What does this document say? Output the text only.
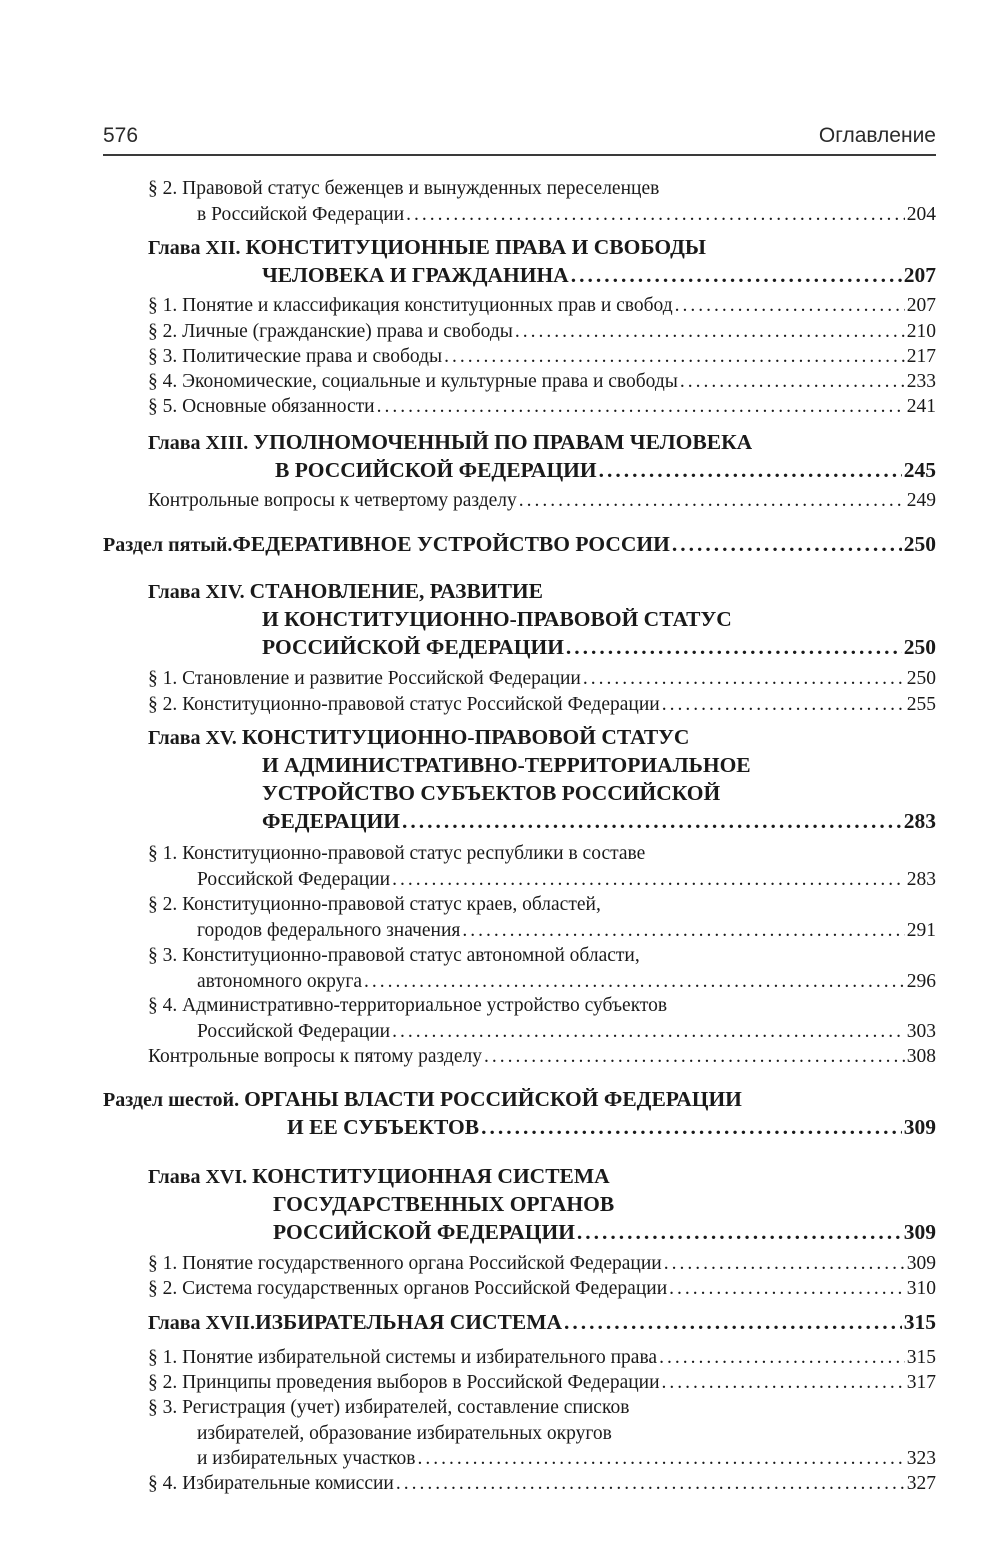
576	Оглавление
§ 2. Правовой статус беженцев и вынужденных переселенцев
в Российской Федерации .....	204
Глава XII. КОНСТИТУЦИОННЫЕ ПРАВА И СВОБОДЫ
ЧЕЛОВЕКА И ГРАЖДАНИНА .....	207
§ 1. Понятие и классификация конституционных прав и свобод .....	207
§ 2. Личные (гражданские) права и свободы .....	210
§ 3. Политические права и свободы .....	217
§ 4. Экономические, социальные и культурные права и свободы .....	233
§ 5. Основные обязанности .....	241
Глава XIII. УПОЛНОМОЧЕННЫЙ ПО ПРАВАМ ЧЕЛОВЕКА
В РОССИЙСКОЙ ФЕДЕРАЦИИ .....	245
Контрольные вопросы к четвертому разделу .....	249
Раздел пятый. ФЕДЕРАТИВНОЕ УСТРОЙСТВО РОССИИ .....	250
Глава XIV. СТАНОВЛЕНИЕ, РАЗВИТИЕ
И КОНСТИТУЦИОННО-ПРАВОВОЙ СТАТУС
РОССИЙСКОЙ ФЕДЕРАЦИИ .....	250
§ 1. Становление и развитие Российской Федерации .....	250
§ 2. Конституционно-правовой статус Российской Федерации .....	255
Глава XV. КОНСТИТУЦИОННО-ПРАВОВОЙ СТАТУС
И АДМИНИСТРАТИВНО-ТЕРРИТОРИАЛЬНОЕ
УСТРОЙСТВО СУБЪЕКТОВ РОССИЙСКОЙ
ФЕДЕРАЦИИ .....	283
§ 1. Конституционно-правовой статус республики в составе
Российской Федерации .....	283
§ 2. Конституционно-правовой статус краев, областей,
городов федерального значения .....	291
§ 3. Конституционно-правовой статус автономной области,
автономного округа .....	296
§ 4. Административно-территориальное устройство субъектов
Российской Федерации .....	303
Контрольные вопросы к пятому разделу .....	308
Раздел шестой. ОРГАНЫ ВЛАСТИ РОССИЙСКОЙ ФЕДЕРАЦИИ
И ЕЕ СУБЪЕКТОВ .....	309
Глава XVI. КОНСТИТУЦИОННАЯ СИСТЕМА
ГОСУДАРСТВЕННЫХ ОРГАНОВ
РОССИЙСКОЙ ФЕДЕРАЦИИ .....	309
§ 1. Понятие государственного органа Российской Федерации .....	309
§ 2. Система государственных органов Российской Федерации .....	310
Глава XVII. ИЗБИРАТЕЛЬНАЯ СИСТЕМА .....	315
§ 1. Понятие избирательной системы и избирательного права .....	315
§ 2. Принципы проведения выборов в Российской Федерации .....	317
§ 3. Регистрация (учет) избирателей, составление списков
избирателей, образование избирательных округов
и избирательных участков .....	323
§ 4. Избирательные комиссии .....	327
